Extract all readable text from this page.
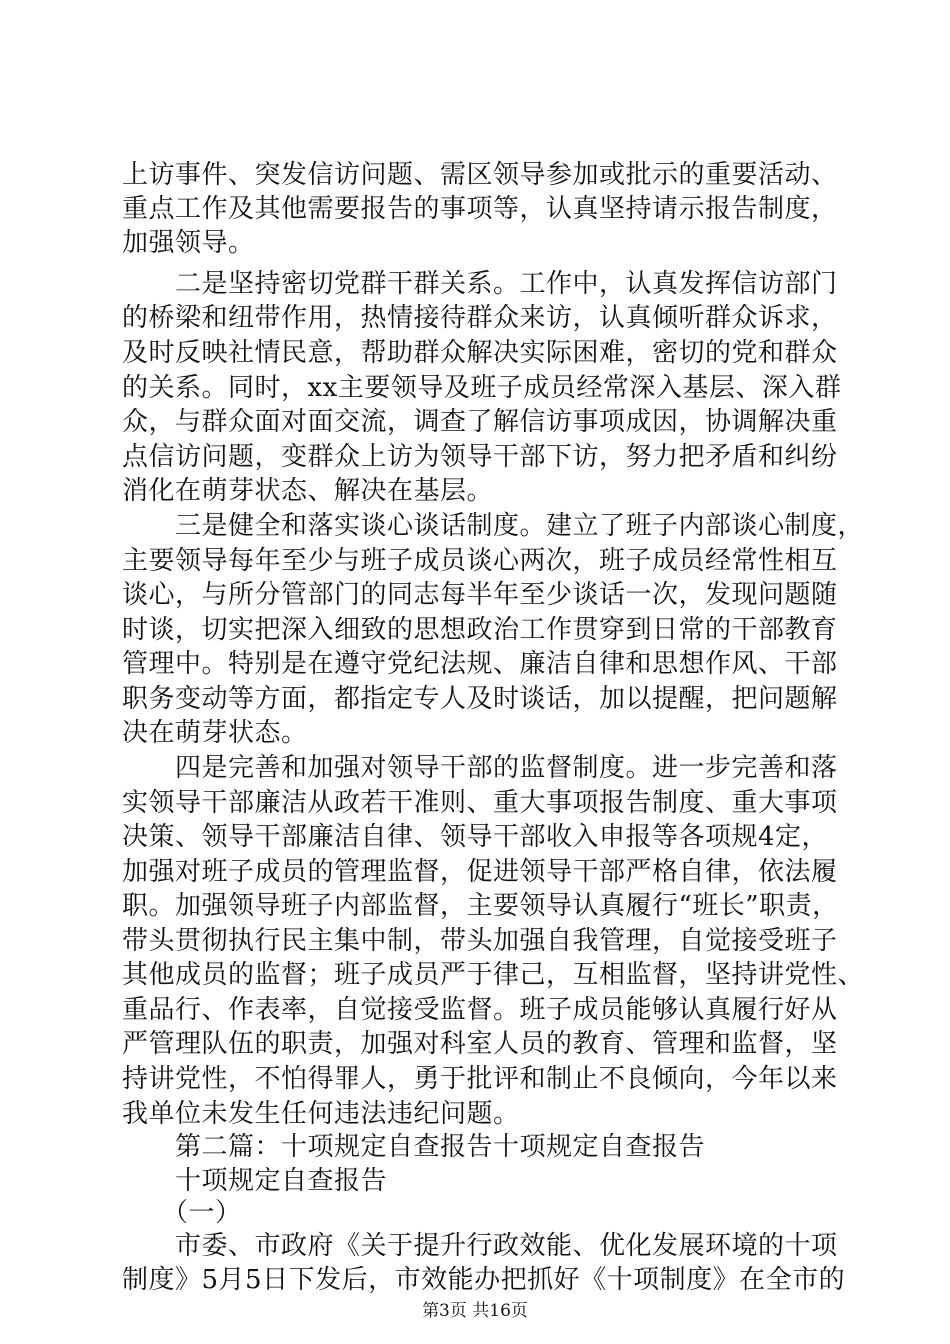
上访事件、突发信访问题、需区领导参加或批示的重要活动、
重点工作及其他需要报告的事项等，认真坚持请示报告制度，
加强领导。
　　二是坚持密切党群干群关系。工作中，认真发挥信访部门
的桥梁和纽带作用，热情接待群众来访，认真倾听群众诉求，
及时反映社情民意，帮助群众解决实际困难，密切的党和群众
的关系。同时，xx主要领导及班子成员经常深入基层、深入群
众，与群众面对面交流，调查了解信访事项成因，协调解决重
点信访问题，变群众上访为领导干部下访，努力把矛盾和纠纷
消化在萌芽状态、解决在基层。
　　三是健全和落实谈心谈话制度。建立了班子内部谈心制度，
主要领导每年至少与班子成员谈心两次，班子成员经常性相互
谈心，与所分管部门的同志每半年至少谈话一次，发现问题随
时谈，切实把深入细致的思想政治工作贯穿到日常的干部教育
管理中。特别是在遵守党纪法规、廉洁自律和思想作风、干部
职务变动等方面，都指定专人及时谈话，加以提醒，把问题解
决在萌芽状态。
　　四是完善和加强对领导干部的监督制度。进一步完善和落
实领导干部廉洁从政若干准则、重大事项报告制度、重大事项
决策、领导干部廉洁自律、领导干部收入申报等各项规4定，
加强对班子成员的管理监督，促进领导干部严格自律，依法履
职。加强领导班子内部监督，主要领导认真履行“班长”职责，
带头贯彻执行民主集中制，带头加强自我管理，自觉接受班子
其他成员的监督；班子成员严于律己，互相监督，坚持讲党性、
重品行、作表率，自觉接受监督。班子成员能够认真履行好从
严管理队伍的职责，加强对科室人员的教育、管理和监督，坚
持讲党性，不怕得罪人，勇于批评和制止不良倾向，今年以来
我单位未发生任何违法违纪问题。
　　第二篇：十项规定自查报告十项规定自查报告
　　十项规定自查报告
　　（一）
第3页 共16页
　　市委、市政府《关于提升行政效能、优化发展环境的十项
制度》5月5日下发后，市效能办把抓好《十项制度》在全市的
